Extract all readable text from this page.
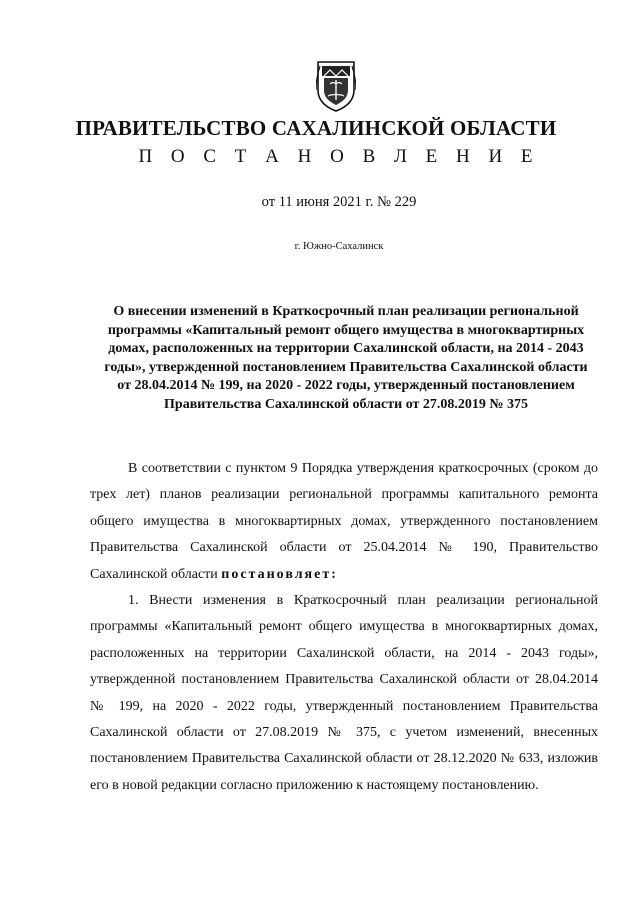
ПРАВИТЕЛЬСТВО САХАЛИНСКОЙ ОБЛАСТИ
П О С Т А Н О В Л Е Н И Е
от 11 июня 2021 г. № 229
г. Южно-Сахалинск
О внесении изменений в Краткосрочный план реализации региональной программы «Капитальный ремонт общего имущества в многоквартирных домах, расположенных на территории Сахалинской области, на 2014 - 2043 годы», утвержденной постановлением Правительства Сахалинской области от 28.04.2014 № 199, на 2020 - 2022 годы, утвержденный постановлением Правительства Сахалинской области от 27.08.2019 № 375

В соответствии с пунктом 9 Порядка утверждения краткосрочных (сроком до трех лет) планов реализации региональной программы капитального ремонта общего имущества в многоквартирных домах, утвержденного постановлением Правительства Сахалинской области от 25.04.2014 № 190, Правительство Сахалинской области постановляет:

1. Внести изменения в Краткосрочный план реализации региональной программы «Капитальный ремонт общего имущества в многоквартирных домах, расположенных на территории Сахалинской области, на 2014 - 2043 годы», утвержденной постановлением Правительства Сахалинской области от 28.04.2014 № 199, на 2020 - 2022 годы, утвержденный постановлением Правительства Сахалинской области от 27.08.2019 № 375, с учетом изменений, внесенных постановлением Правительства Сахалинской области от 28.12.2020 № 633, изложив его в новой редакции согласно приложению к настоящему постановлению.
